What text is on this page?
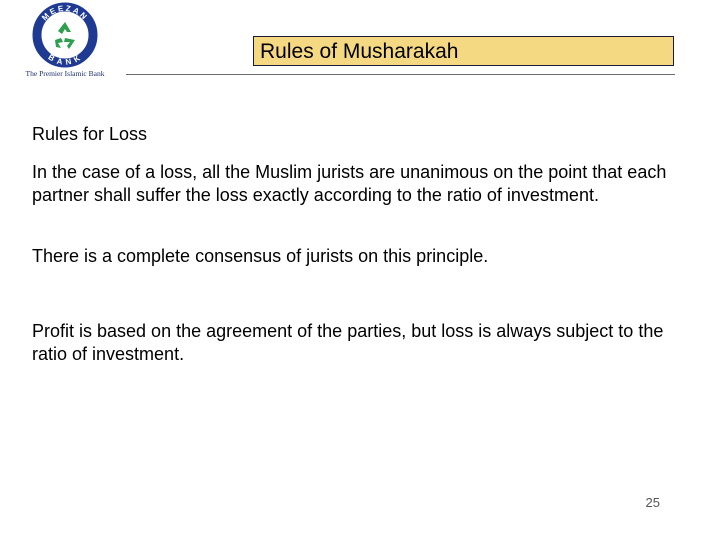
MEEZAN
BANK
The Premier Islamic Bank
Rules of Musharakah

Rules for Loss

In the case of a loss, all the Muslim jurists are unanimous on the point that each partner shall suffer the loss exactly according to the ratio of investment.

There is a complete consensus of jurists on this principle.

Profit is based on the agreement of the parties, but loss is always subject to the ratio of investment.

25
